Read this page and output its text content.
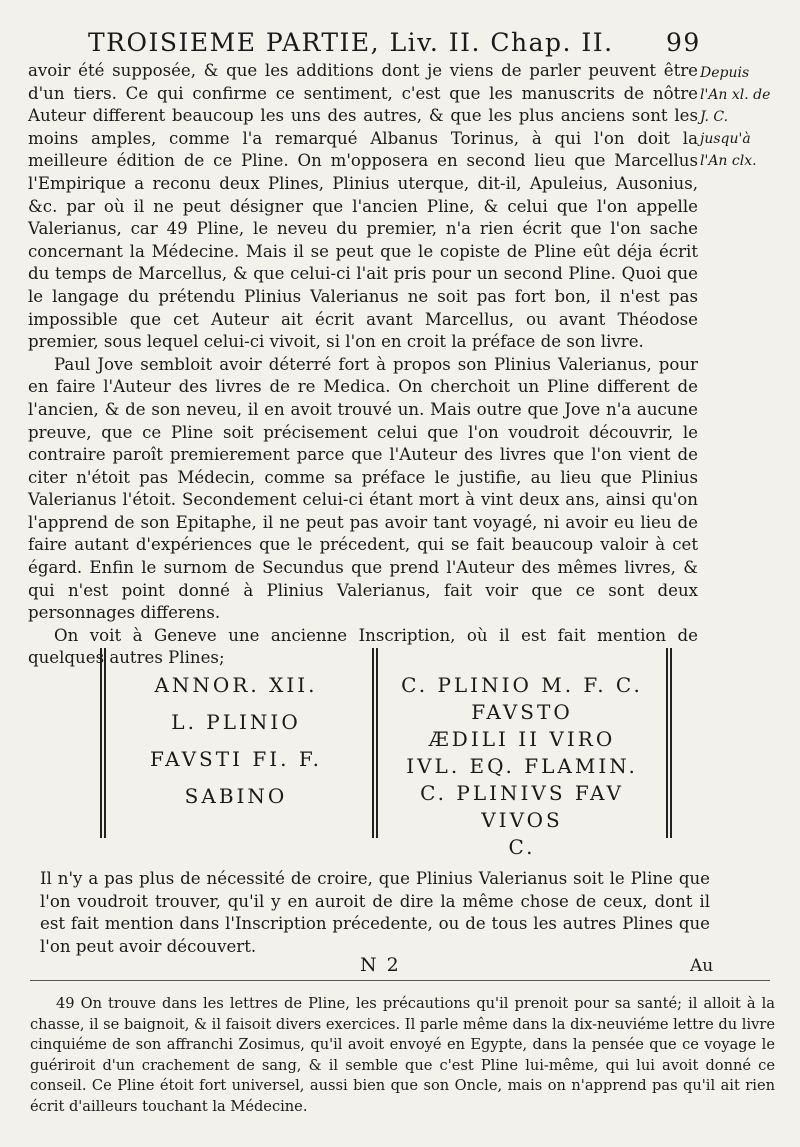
TROISIEME PARTIE, Liv. II. Chap. II. 99
Depuis l'An xl. de J. C. jusqu'à l'An clx.

avoir été supposée, & que les additions dont je viens de parler peuvent être d'un tiers. Ce qui confirme ce sentiment, c'est que les manuscrits de nôtre Auteur different beaucoup les uns des autres, & que les plus anciens sont les moins amples, comme l'a remarqué Albanus Torinus, à qui l'on doit la meilleure édition de ce Pline. On m'opposera en second lieu que Marcellus l'Empirique a reconu deux Plines, Plinius uterque, dit-il, Apuleius, Ausonius, &c. par où il ne peut désigner que l'ancien Pline, & celui que l'on appelle Valerianus, car 49 Pline, le neveu du premier, n'a rien écrit que l'on sache concernant la Médecine. Mais il se peut que le copiste de Pline eût déja écrit du temps de Marcellus, & que celui-ci l'ait pris pour un second Pline. Quoi que le langage du prétendu Plinius Valerianus ne soit pas fort bon, il n'est pas impossible que cet Auteur ait écrit avant Marcellus, ou avant Théodose premier, sous lequel celui-ci vivoit, si l'on en croit la préface de son livre.

Paul Jove sembloit avoir déterré fort à propos son Plinius Valerianus, pour en faire l'Auteur des livres de re Medica. On cherchoit un Pline different de l'ancien, & de son neveu, il en avoit trouvé un. Mais outre que Jove n'a aucune preuve, que ce Pline soit précisement celui que l'on voudroit découvrir, le contraire paroît premierement parce que l'Auteur des livres que l'on vient de citer n'étoit pas Médecin, comme sa préface le justifie, au lieu que Plinius Valerianus l'étoit. Secondement celui-ci étant mort à vint deux ans, ainsi qu'on l'apprend de son Epitaphe, il ne peut pas avoir tant voyagé, ni avoir eu lieu de faire autant d'expériences que le précedent, qui se fait beaucoup valoir à cet égard. Enfin le surnom de Secundus que prend l'Auteur des mêmes livres, & qui n'est point donné à Plinius Valerianus, fait voir que ce sont deux personnages differens.

On voit à Geneve une ancienne Inscription, où il est fait mention de quelques autres Plines;

ANNOR. XII.
L. PLINIO
FAVSTI FI. F.
SABINO
C. PLINIO M. F. C.
FAVSTO
ÆDILI II VIRO
IVL. EQ. FLAMIN.
C. PLINIVS FAV
VIVOS
C.

Il n'y a pas plus de nécessité de croire, que Plinius Valerianus soit le Pline que l'on voudroit trouver, qu'il y en auroit de dire la même chose de ceux, dont il est fait mention dans l'Inscription précedente, ou de tous les autres Plines que l'on peut avoir découvert.

N 2	Au

49 On trouve dans les lettres de Pline, les précautions qu'il prenoit pour sa santé; il alloit à la chasse, il se baignoit, & il faisoit divers exercices. Il parle même dans la dix-neuviéme lettre du livre cinquiéme de son affranchi Zosimus, qu'il avoit envoyé en Egypte, dans la pensée que ce voyage le guériroit d'un crachement de sang, & il semble que c'est Pline lui-même, qui lui avoit donné ce conseil. Ce Pline étoit fort universel, aussi bien que son Oncle, mais on n'apprend pas qu'il ait rien écrit d'ailleurs touchant la Médecine.
